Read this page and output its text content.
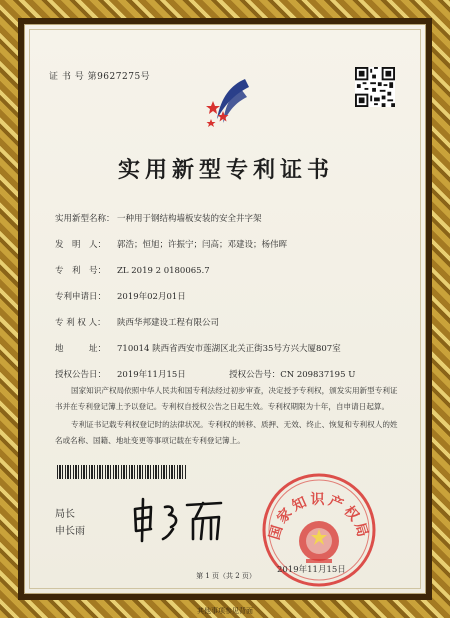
证 书 号 第9627275号
实用新型专利证书
实用新型名称： 一种用于钢结构墙板安装的安全井字架
发　明　人： 郭浩；恒旭；许振宁；闫高；邓建设；杨伟晖
专　利　号： ZL 2019 2 0180065.7
专利申请日： 2019年02月01日
专 利 权 人： 陕西华邦建设工程有限公司
地　　　址： 710014 陕西省西安市莲湖区北关正街35号方兴大厦807室
授权公告日： 2019年11月15日	授权公告号：CN 209837195 U

国家知识产权局依照中华人民共和国专利法经过初步审查，决定授予专利权，颁发实用新型专利证书并在专利登记簿上予以登记。专利权自授权公告之日起生效。专利权期限为十年，自申请日起算。

专利证书记载专利权登记时的法律状况。专利权的转移、质押、无效、终止、恢复和专利权人的姓名或名称、国籍、地址变更等事项记载在专利登记簿上。

局长
申长雨	国家知识产权局
2019年11月15日
第 1 页（共 2 页）
其他事项参见背面
